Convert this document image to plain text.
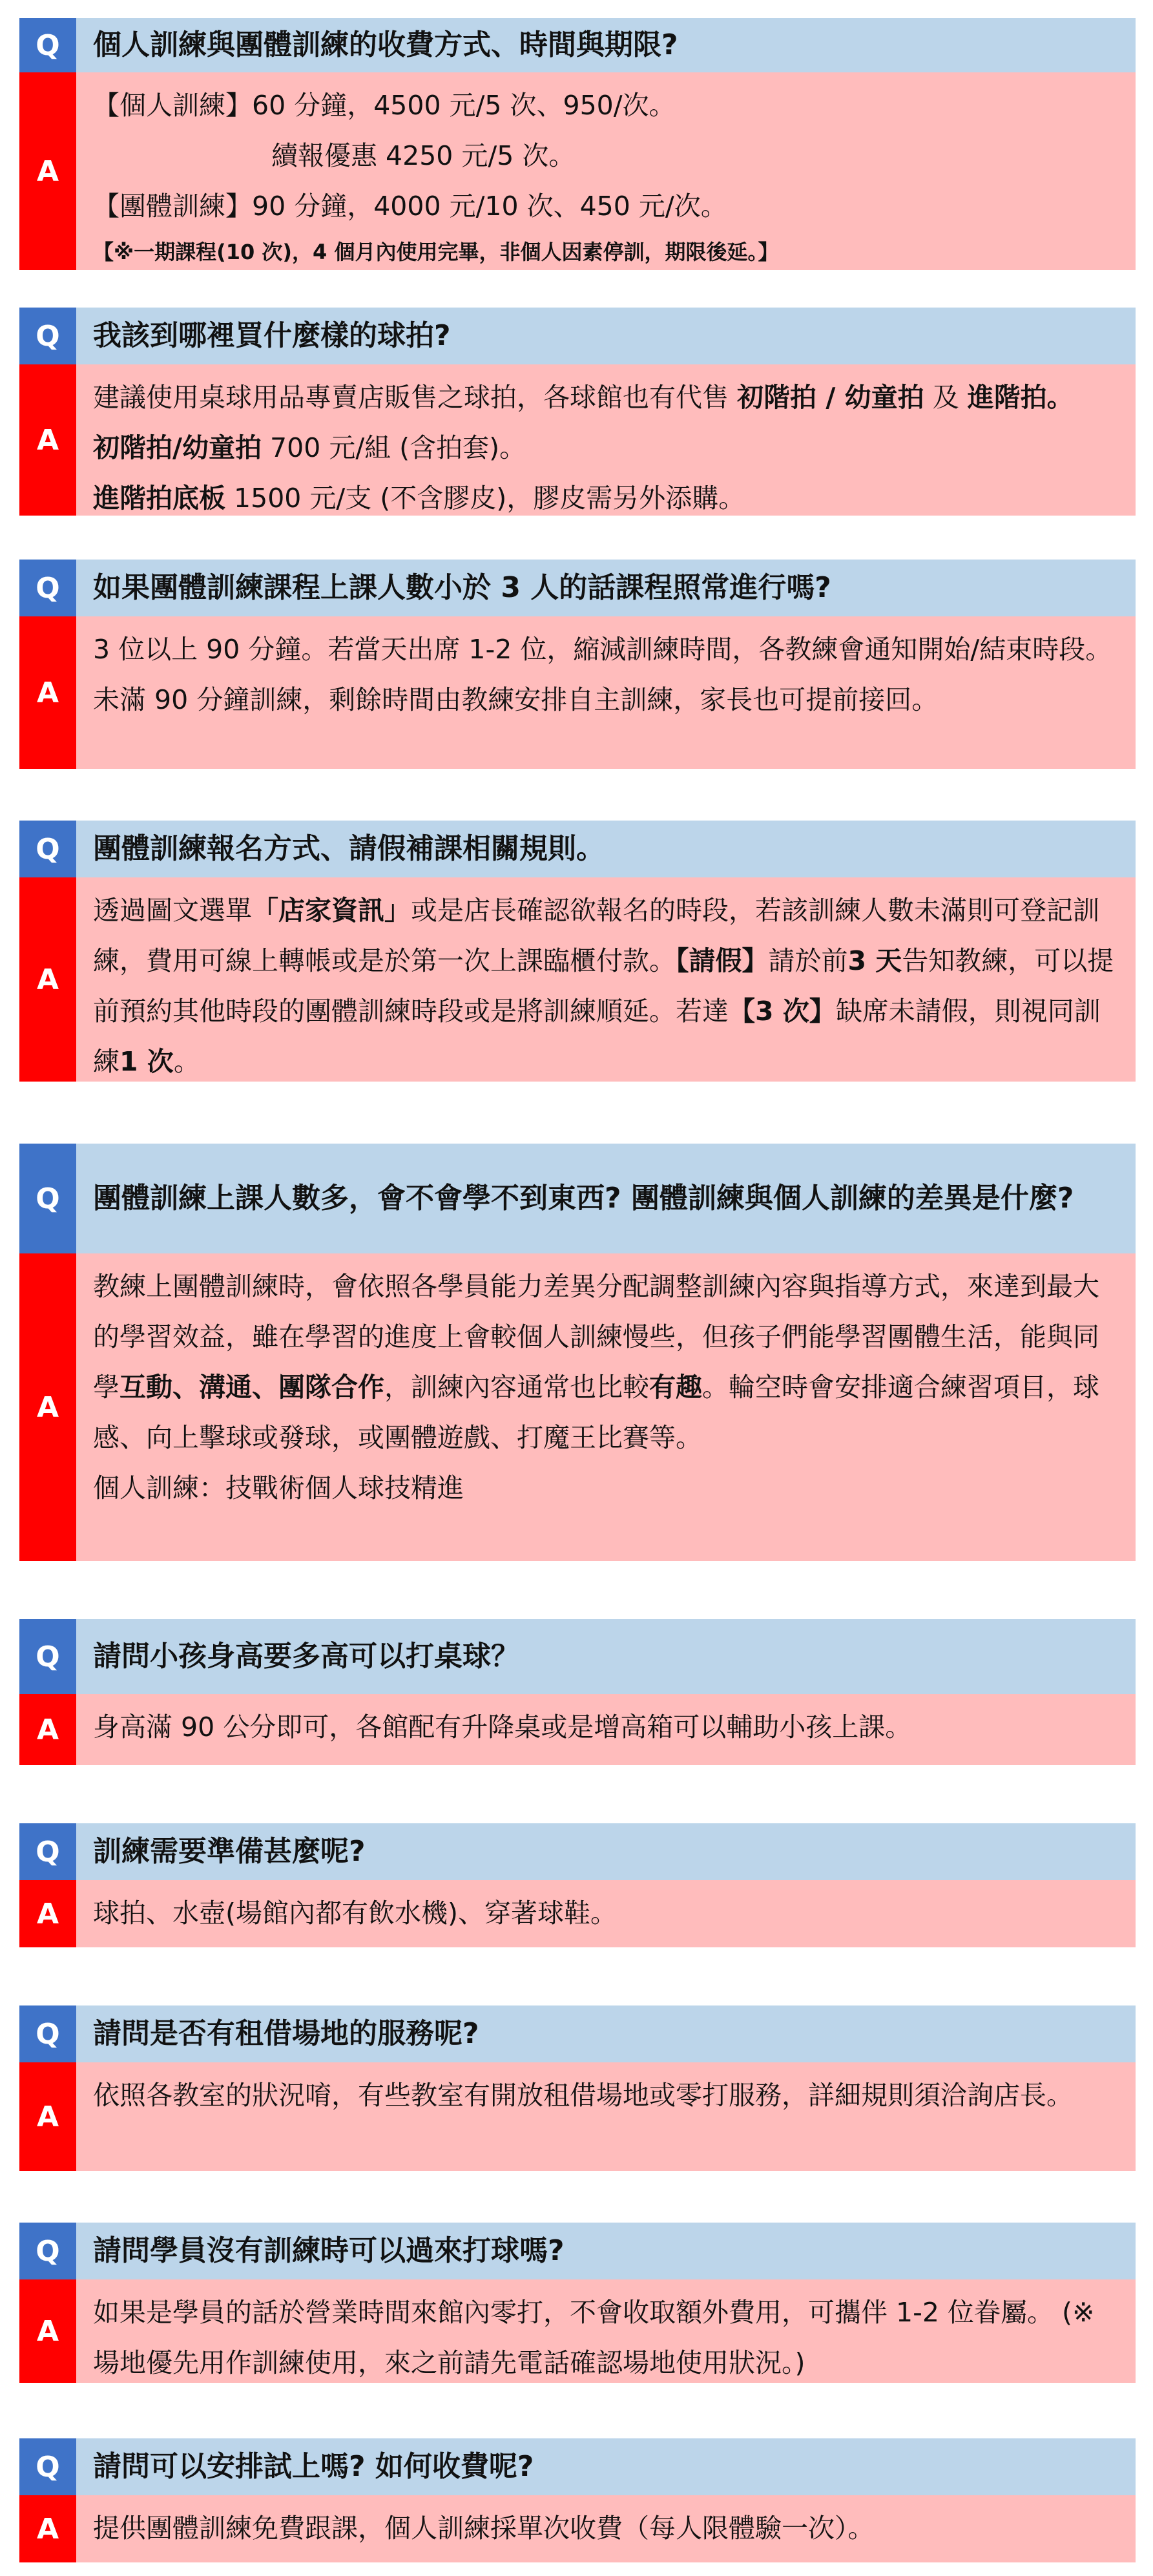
Q	個人訓練與團體訓練的收費方式、時間與期限?
A
【個人訓練】60 分鐘，4500 元/5 次、950/次。
續報優惠 4250 元/5 次。
【團體訓練】90 分鐘，4000 元/10 次、450 元/次。
【※一期課程(10 次)，4 個月內使用完畢，非個人因素停訓，期限後延。】
Q	我該到哪裡買什麼樣的球拍?
A
建議使用桌球用品專賣店販售之球拍，各球館也有代售 初階拍 / 幼童拍 及 進階拍。
初階拍/幼童拍 700 元/組 (含拍套)。
進階拍底板 1500 元/支 (不含膠皮)，膠皮需另外添購。
Q	如果團體訓練課程上課人數小於 3 人的話課程照常進行嗎?
A
3 位以上 90 分鐘。若當天出席 1-2 位，縮減訓練時間，各教練會通知開始/結束時段。未滿 90 分鐘訓練，剩餘時間由教練安排自主訓練，家長也可提前接回。
Q	團體訓練報名方式、請假補課相關規則。
A
透過圖文選單「店家資訊」或是店長確認欲報名的時段，若該訓練人數未滿則可登記訓練，費用可線上轉帳或是於第一次上課臨櫃付款。【請假】請於前3 天告知教練，可以提前預約其他時段的團體訓練時段或是將訓練順延。若達【3 次】缺席未請假，則視同訓練1 次。
Q	團體訓練上課人數多，會不會學不到東西? 團體訓練與個人訓練的差異是什麼?
A
教練上團體訓練時，會依照各學員能力差異分配調整訓練內容與指導方式，來達到最大的學習效益，雖在學習的進度上會較個人訓練慢些，但孩子們能學習團體生活，能與同學互動、溝通、團隊合作，訓練內容通常也比較有趣。輪空時會安排適合練習項目，球感、向上擊球或發球，或團體遊戲、打魔王比賽等。
個人訓練：技戰術個人球技精進
Q	請問小孩身高要多高可以打桌球？
A	身高滿 90 公分即可，各館配有升降桌或是增高箱可以輔助小孩上課。
Q	訓練需要準備甚麼呢?
A	球拍、水壺(場館內都有飲水機)、穿著球鞋。
Q	請問是否有租借場地的服務呢?
A
依照各教室的狀況唷，有些教室有開放租借場地或零打服務，詳細規則須洽詢店長。
Q	請問學員沒有訓練時可以過來打球嗎?
A
如果是學員的話於營業時間來館內零打，不會收取額外費用，可攜伴 1-2 位眷屬。 (※場地優先用作訓練使用，來之前請先電話確認場地使用狀況。)
Q	請問可以安排試上嗎? 如何收費呢?
A	提供團體訓練免費跟課，個人訓練採單次收費（每人限體驗一次）。
